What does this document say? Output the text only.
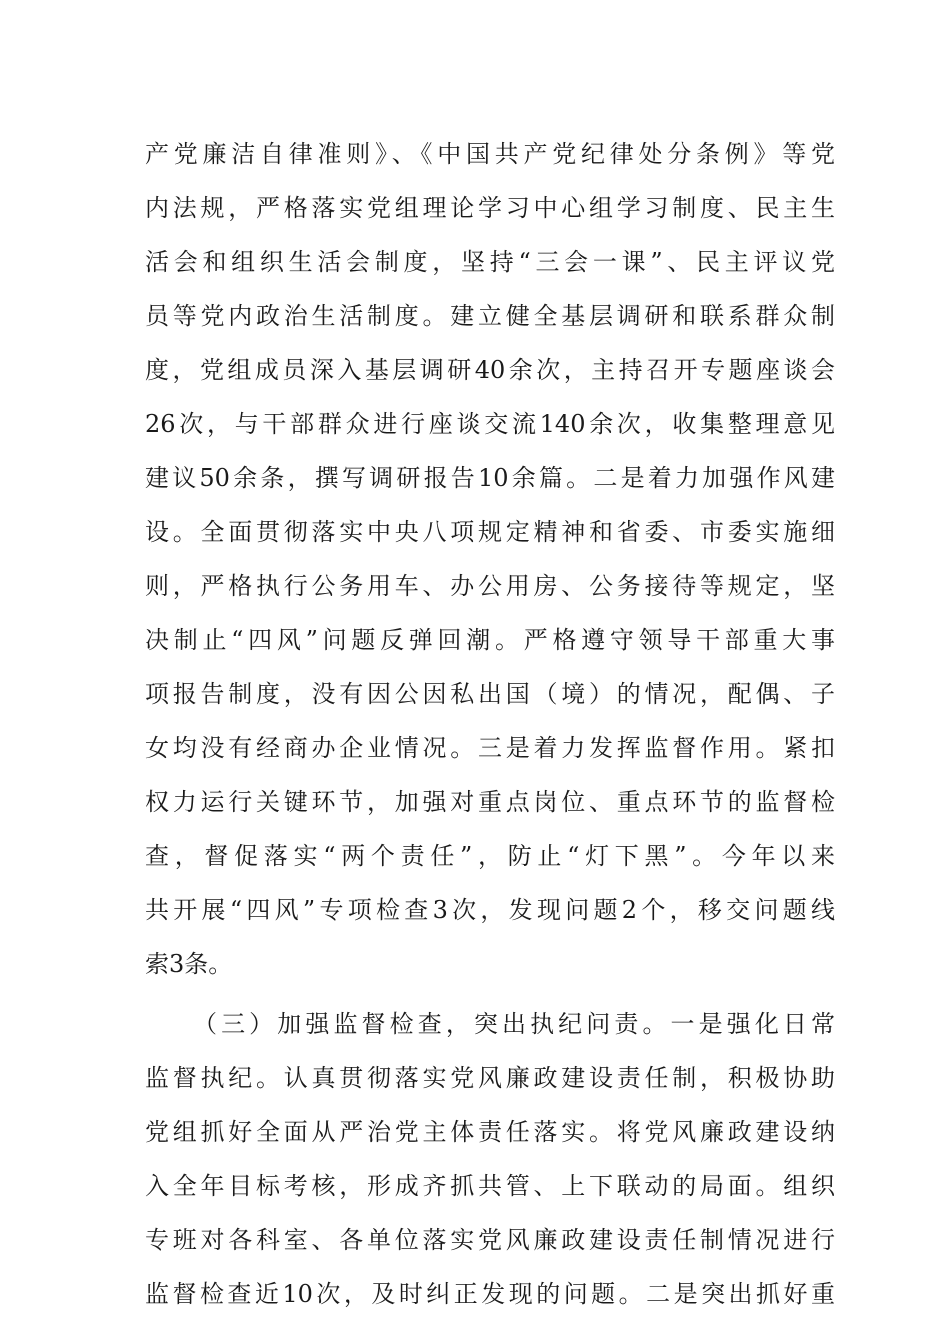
产党廉洁自律准则》、《中国共产党纪律处分条例》等党
内法规，严格落实党组理论学习中心组学习制度、民主生
活会和组织生活会制度，坚持“三会一课”、民主评议党
员等党内政治生活制度。建立健全基层调研和联系群众制
度，党组成员深入基层调研40余次，主持召开专题座谈会
26次，与干部群众进行座谈交流140余次，收集整理意见
建议50余条，撰写调研报告10余篇。二是着力加强作风建
设。全面贯彻落实中央八项规定精神和省委、市委实施细
则，严格执行公务用车、办公用房、公务接待等规定，坚
决制止“四风”问题反弹回潮。严格遵守领导干部重大事
项报告制度，没有因公因私出国（境）的情况，配偶、子
女均没有经商办企业情况。三是着力发挥监督作用。紧扣
权力运行关键环节，加强对重点岗位、重点环节的监督检
查，督促落实“两个责任”，防止“灯下黑”。今年以来
共开展“四风”专项检查3次，发现问题2个，移交问题线
索3条。
（三）加强监督检查，突出执纪问责。一是强化日常
监督执纪。认真贯彻落实党风廉政建设责任制，积极协助
党组抓好全面从严治党主体责任落实。将党风廉政建设纳
入全年目标考核，形成齐抓共管、上下联动的局面。组织
专班对各科室、各单位落实党风廉政建设责任制情况进行
监督检查近10次，及时纠正发现的问题。二是突出抓好重
